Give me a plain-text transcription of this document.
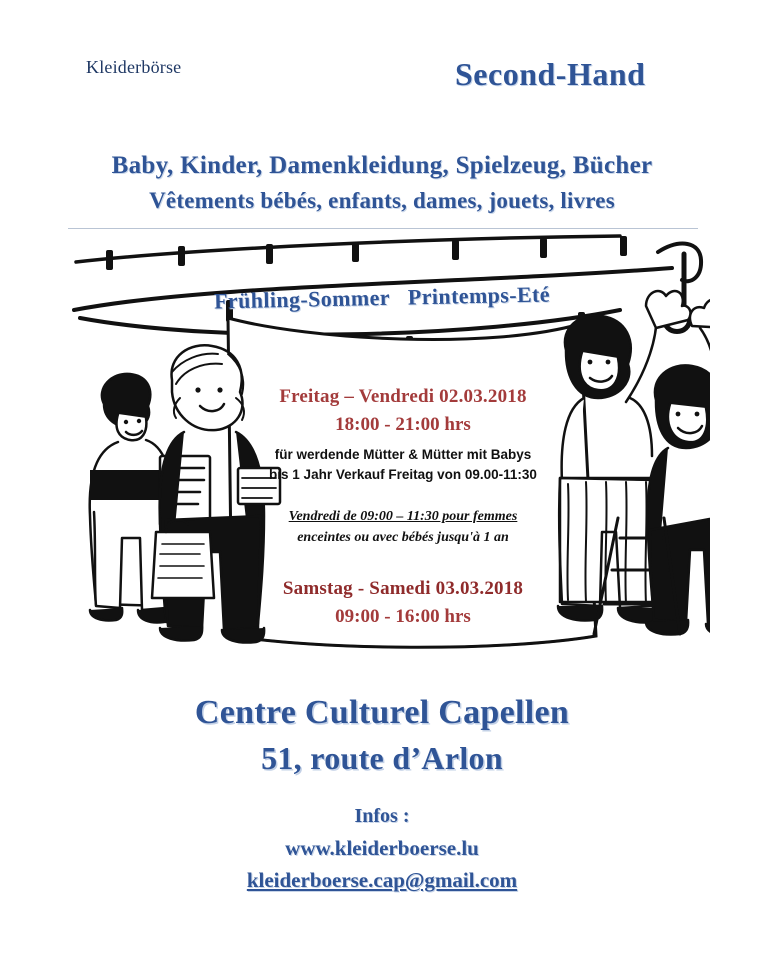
Kleiderbörse	Second-Hand
Baby, Kinder, Damenkleidung, Spielzeug, Bücher
Vêtements bébés, enfants, dames, jouets, livres
Frühling-Sommer Printemps-Eté
Freitag – Vendredi 02.03.2018
18:00 - 21:00 hrs
für werdende Mütter & Mütter mit Babys
bis 1 Jahr Verkauf Freitag von 09.00-11:30
Vendredi de 09:00 – 11:30 pour femmes
enceintes ou avec bébés jusqu'à 1 an
Samstag - Samedi 03.03.2018
09:00 - 16:00 hrs
Centre Culturel Capellen
51, route d’Arlon
Infos :
www.kleiderboerse.lu
kleiderboerse.cap@gmail.com
